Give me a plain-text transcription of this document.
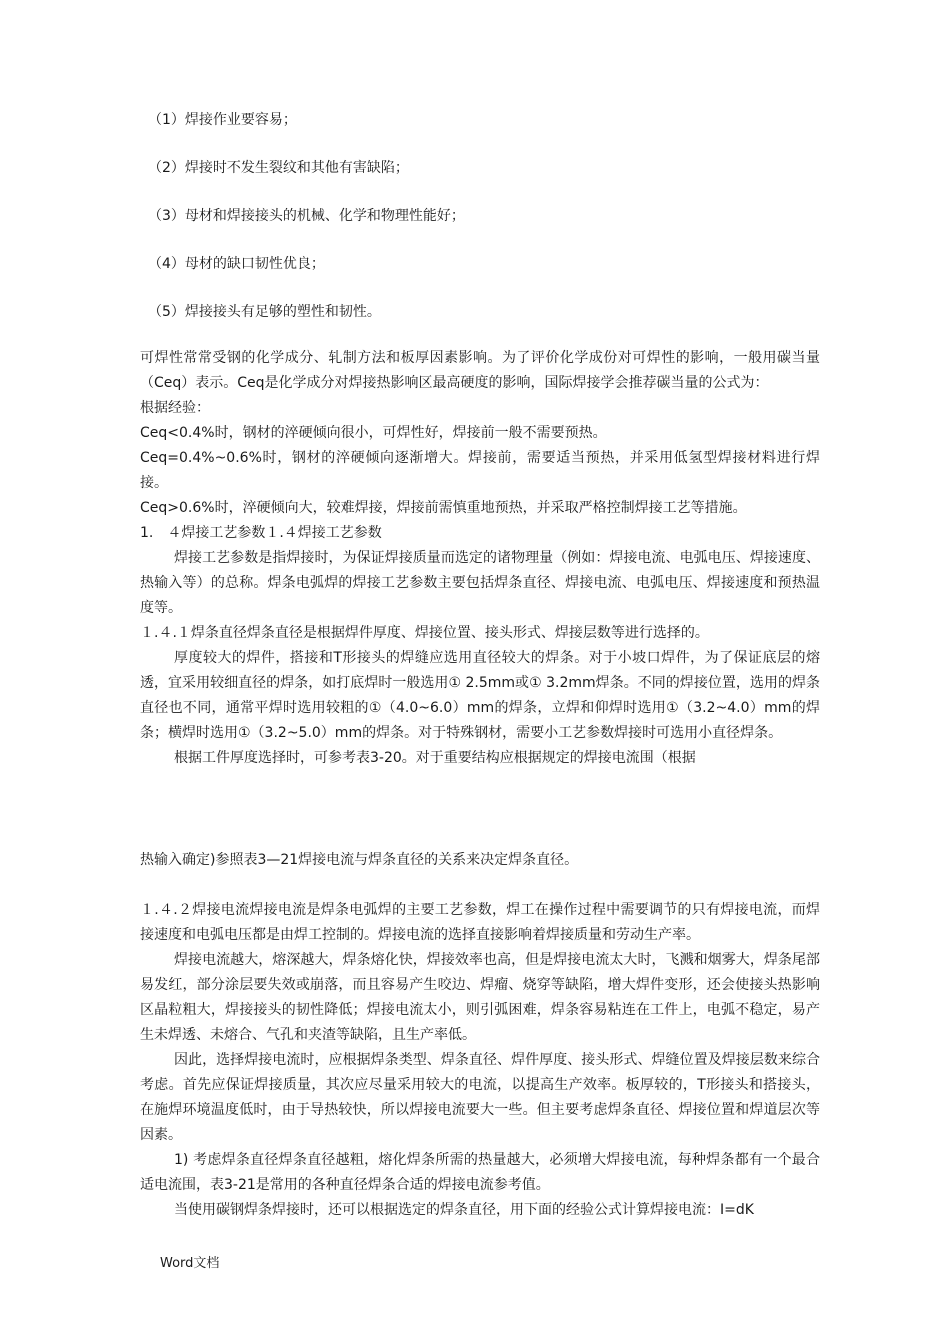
（1）焊接作业要容易；
（2）焊接时不发生裂纹和其他有害缺陷；
（3）母材和焊接接头的机械、化学和物理性能好；
（4）母材的缺口韧性优良；
（5）焊接接头有足够的塑性和韧性。

可焊性常常受钢的化学成分、轧制方法和板厚因素影响。为了评价化学成份对可焊性的影响，一般用碳当量（Ceq）表示。Ceq是化学成分对焊接热影响区最高硬度的影响，国际焊接学会推荐碳当量的公式为：

根据经验：

Ceq<0.4%时，钢材的淬硬倾向很小，可焊性好，焊接前一般不需要预热。

Ceq=0.4%~0.6%时，钢材的淬硬倾向逐渐增大。焊接前，需要适当预热，并采用低氢型焊接材料进行焊接。

Ceq>0.6%时，淬硬倾向大，较难焊接，焊接前需慎重地预热，并采取严格控制焊接工艺等措施。

1.　４焊接工艺参数１.４焊接工艺参数

焊接工艺参数是指焊接时，为保证焊接质量而选定的诸物理量（例如：焊接电流、电弧电压、焊接速度、热输入等）的总称。焊条电弧焊的焊接工艺参数主要包括焊条直径、焊接电流、电弧电压、焊接速度和预热温度等。

１.４.１焊条直径焊条直径是根据焊件厚度、焊接位置、接头形式、焊接层数等进行选择的。

厚度较大的焊件，搭接和T形接头的焊缝应选用直径较大的焊条。对于小坡口焊件，为了保证底层的熔透，宜采用较细直径的焊条，如打底焊时一般选用① 2.5mm或① 3.2mm焊条。不同的焊接位置，选用的焊条直径也不同，通常平焊时选用较粗的①（4.0~6.0）mm的焊条，立焊和仰焊时选用①（3.2~4.0）mm的焊条；横焊时选用①（3.2~5.0）mm的焊条。对于特殊钢材，需要小工艺参数焊接时可选用小直径焊条。

根据工件厚度选择时，可参考表3-20。对于重要结构应根据规定的焊接电流围（根据

热输入确定)参照表3—21焊接电流与焊条直径的关系来决定焊条直径。

１.４.２焊接电流焊接电流是焊条电弧焊的主要工艺参数，焊工在操作过程中需要调节的只有焊接电流，而焊接速度和电弧电压都是由焊工控制的。焊接电流的选择直接影响着焊接质量和劳动生产率。

焊接电流越大，熔深越大，焊条熔化快，焊接效率也高，但是焊接电流太大时，飞溅和烟雾大，焊条尾部易发红，部分涂层要失效或崩落，而且容易产生咬边、焊瘤、烧穿等缺陷，增大焊件变形，还会使接头热影响区晶粒粗大，焊接接头的韧性降低；焊接电流太小，则引弧困难，焊条容易粘连在工件上，电弧不稳定，易产生未焊透、未熔合、气孔和夹渣等缺陷，且生产率低。

因此，选择焊接电流时，应根据焊条类型、焊条直径、焊件厚度、接头形式、焊缝位置及焊接层数来综合考虑。首先应保证焊接质量，其次应尽量采用较大的电流，以提高生产效率。板厚较的，T形接头和搭接头，在施焊环境温度低时，由于导热较快，所以焊接电流要大一些。但主要考虑焊条直径、焊接位置和焊道层次等因素。

1) 考虑焊条直径焊条直径越粗，熔化焊条所需的热量越大，必须增大焊接电流，每种焊条都有一个最合适电流围，表3-21是常用的各种直径焊条合适的焊接电流参考值。

当使用碳钢焊条焊接时，还可以根据选定的焊条直径，用下面的经验公式计算焊接电流：I=dK

Word文档
